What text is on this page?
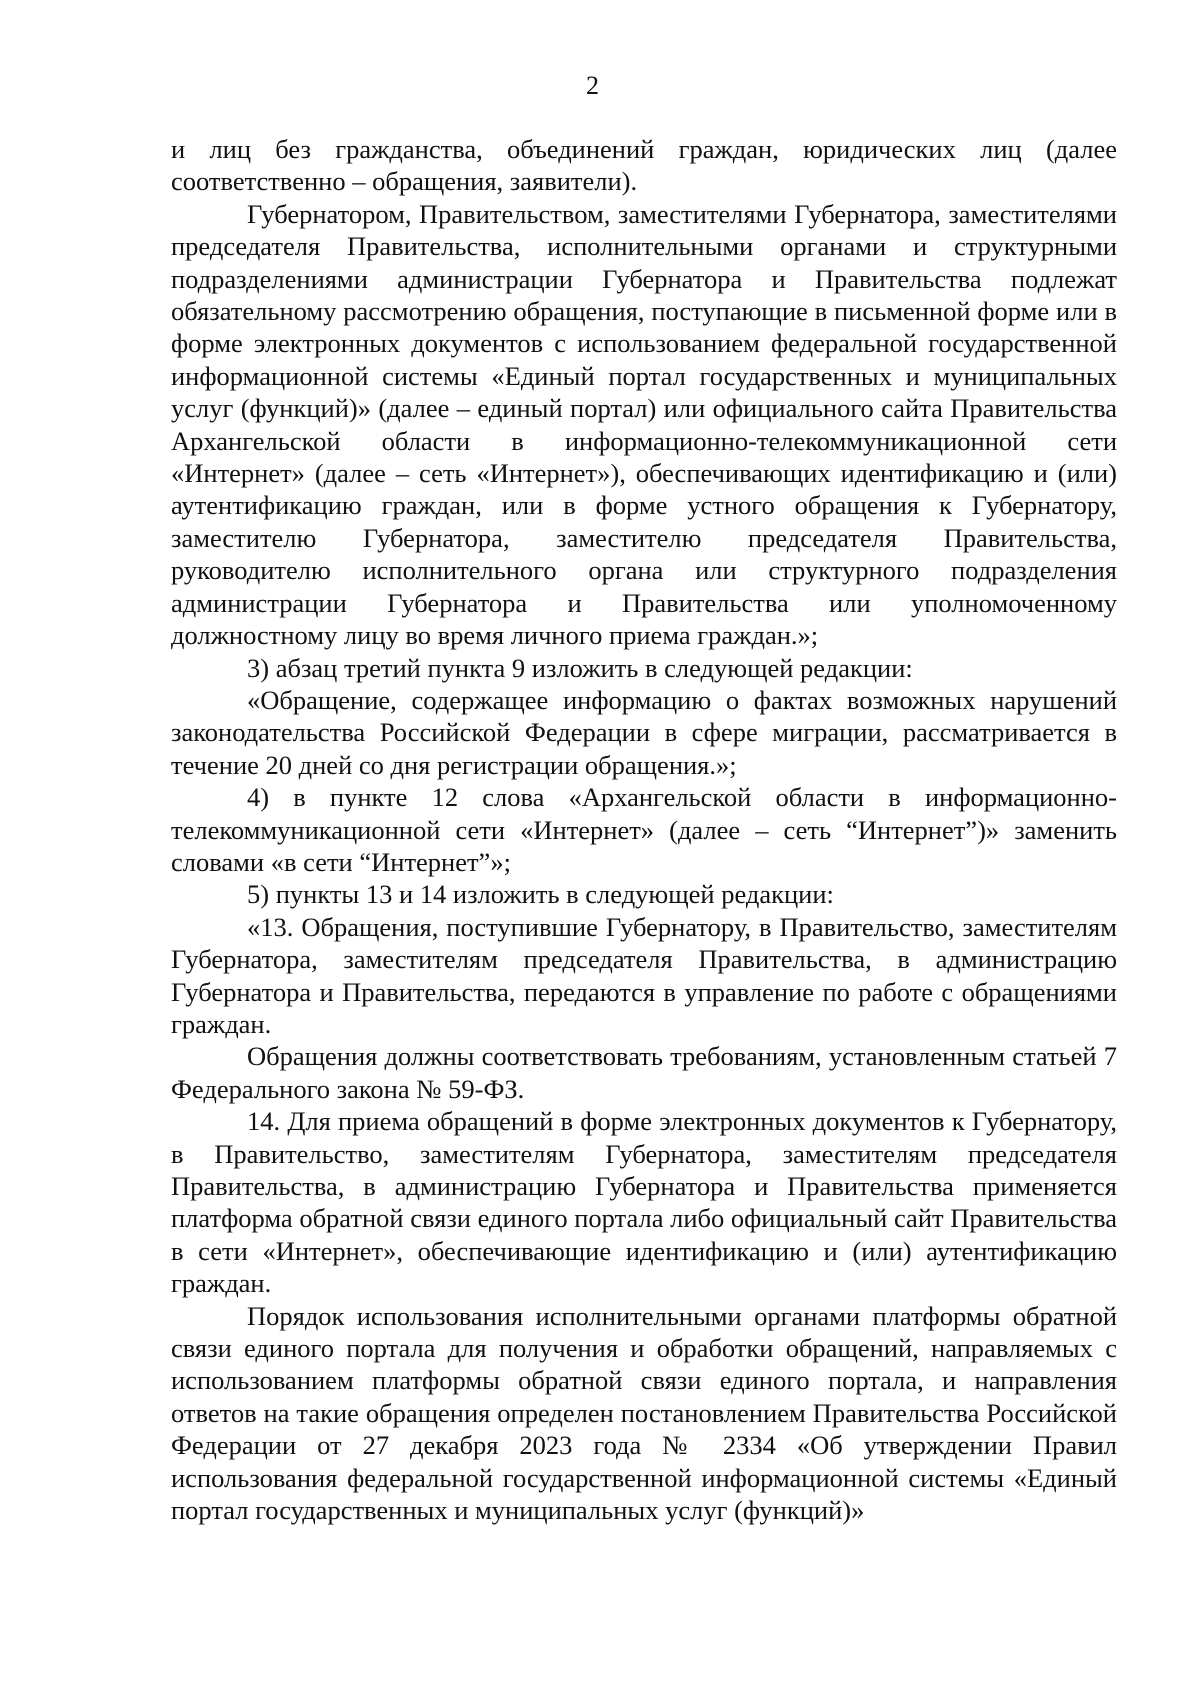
2

и лиц без гражданства, объединений граждан, юридических лиц (далее соответственно – обращения, заявители).

Губернатором, Правительством, заместителями Губернатора, заместителями председателя Правительства, исполнительными органами и структурными подразделениями администрации Губернатора и Правительства подлежат обязательному рассмотрению обращения, поступающие в письменной форме или в форме электронных документов с использованием федеральной государственной информационной системы «Единый портал государственных и муниципальных услуг (функций)» (далее – единый портал) или официального сайта Правительства Архангельской области в информационно-телекоммуникационной сети «Интернет» (далее – сеть «Интернет»), обеспечивающих идентификацию и (или) аутентификацию граждан, или в форме устного обращения к Губернатору, заместителю Губернатора, заместителю председателя Правительства, руководителю исполнительного органа или структурного подразделения администрации Губернатора и Правительства или уполномоченному должностному лицу во время личного приема граждан.»;

3) абзац третий пункта 9 изложить в следующей редакции:

«Обращение, содержащее информацию о фактах возможных нарушений законодательства Российской Федерации в сфере миграции, рассматривается в течение 20 дней со дня регистрации обращения.»;

4) в пункте 12 слова «Архангельской области в информационно-телекоммуникационной сети «Интернет» (далее – сеть “Интернет”)» заменить словами «в сети “Интернет”»;

5) пункты 13 и 14 изложить в следующей редакции:

«13. Обращения, поступившие Губернатору, в Правительство, заместителям Губернатора, заместителям председателя Правительства, в администрацию Губернатора и Правительства, передаются в управление по работе с обращениями граждан.

Обращения должны соответствовать требованиям, установленным статьей 7 Федерального закона № 59-ФЗ.

14. Для приема обращений в форме электронных документов к Губернатору, в Правительство, заместителям Губернатора, заместителям председателя Правительства, в администрацию Губернатора и Правительства применяется платформа обратной связи единого портала либо официальный сайт Правительства в сети «Интернет», обеспечивающие идентификацию и (или) аутентификацию граждан.

Порядок использования исполнительными органами платформы обратной связи единого портала для получения и обработки обращений, направляемых с использованием платформы обратной связи единого портала, и направления ответов на такие обращения определен постановлением Правительства Российской Федерации от 27 декабря 2023 года № 2334 «Об утверждении Правил использования федеральной государственной информационной системы «Единый портал государственных и муниципальных услуг (функций)»
